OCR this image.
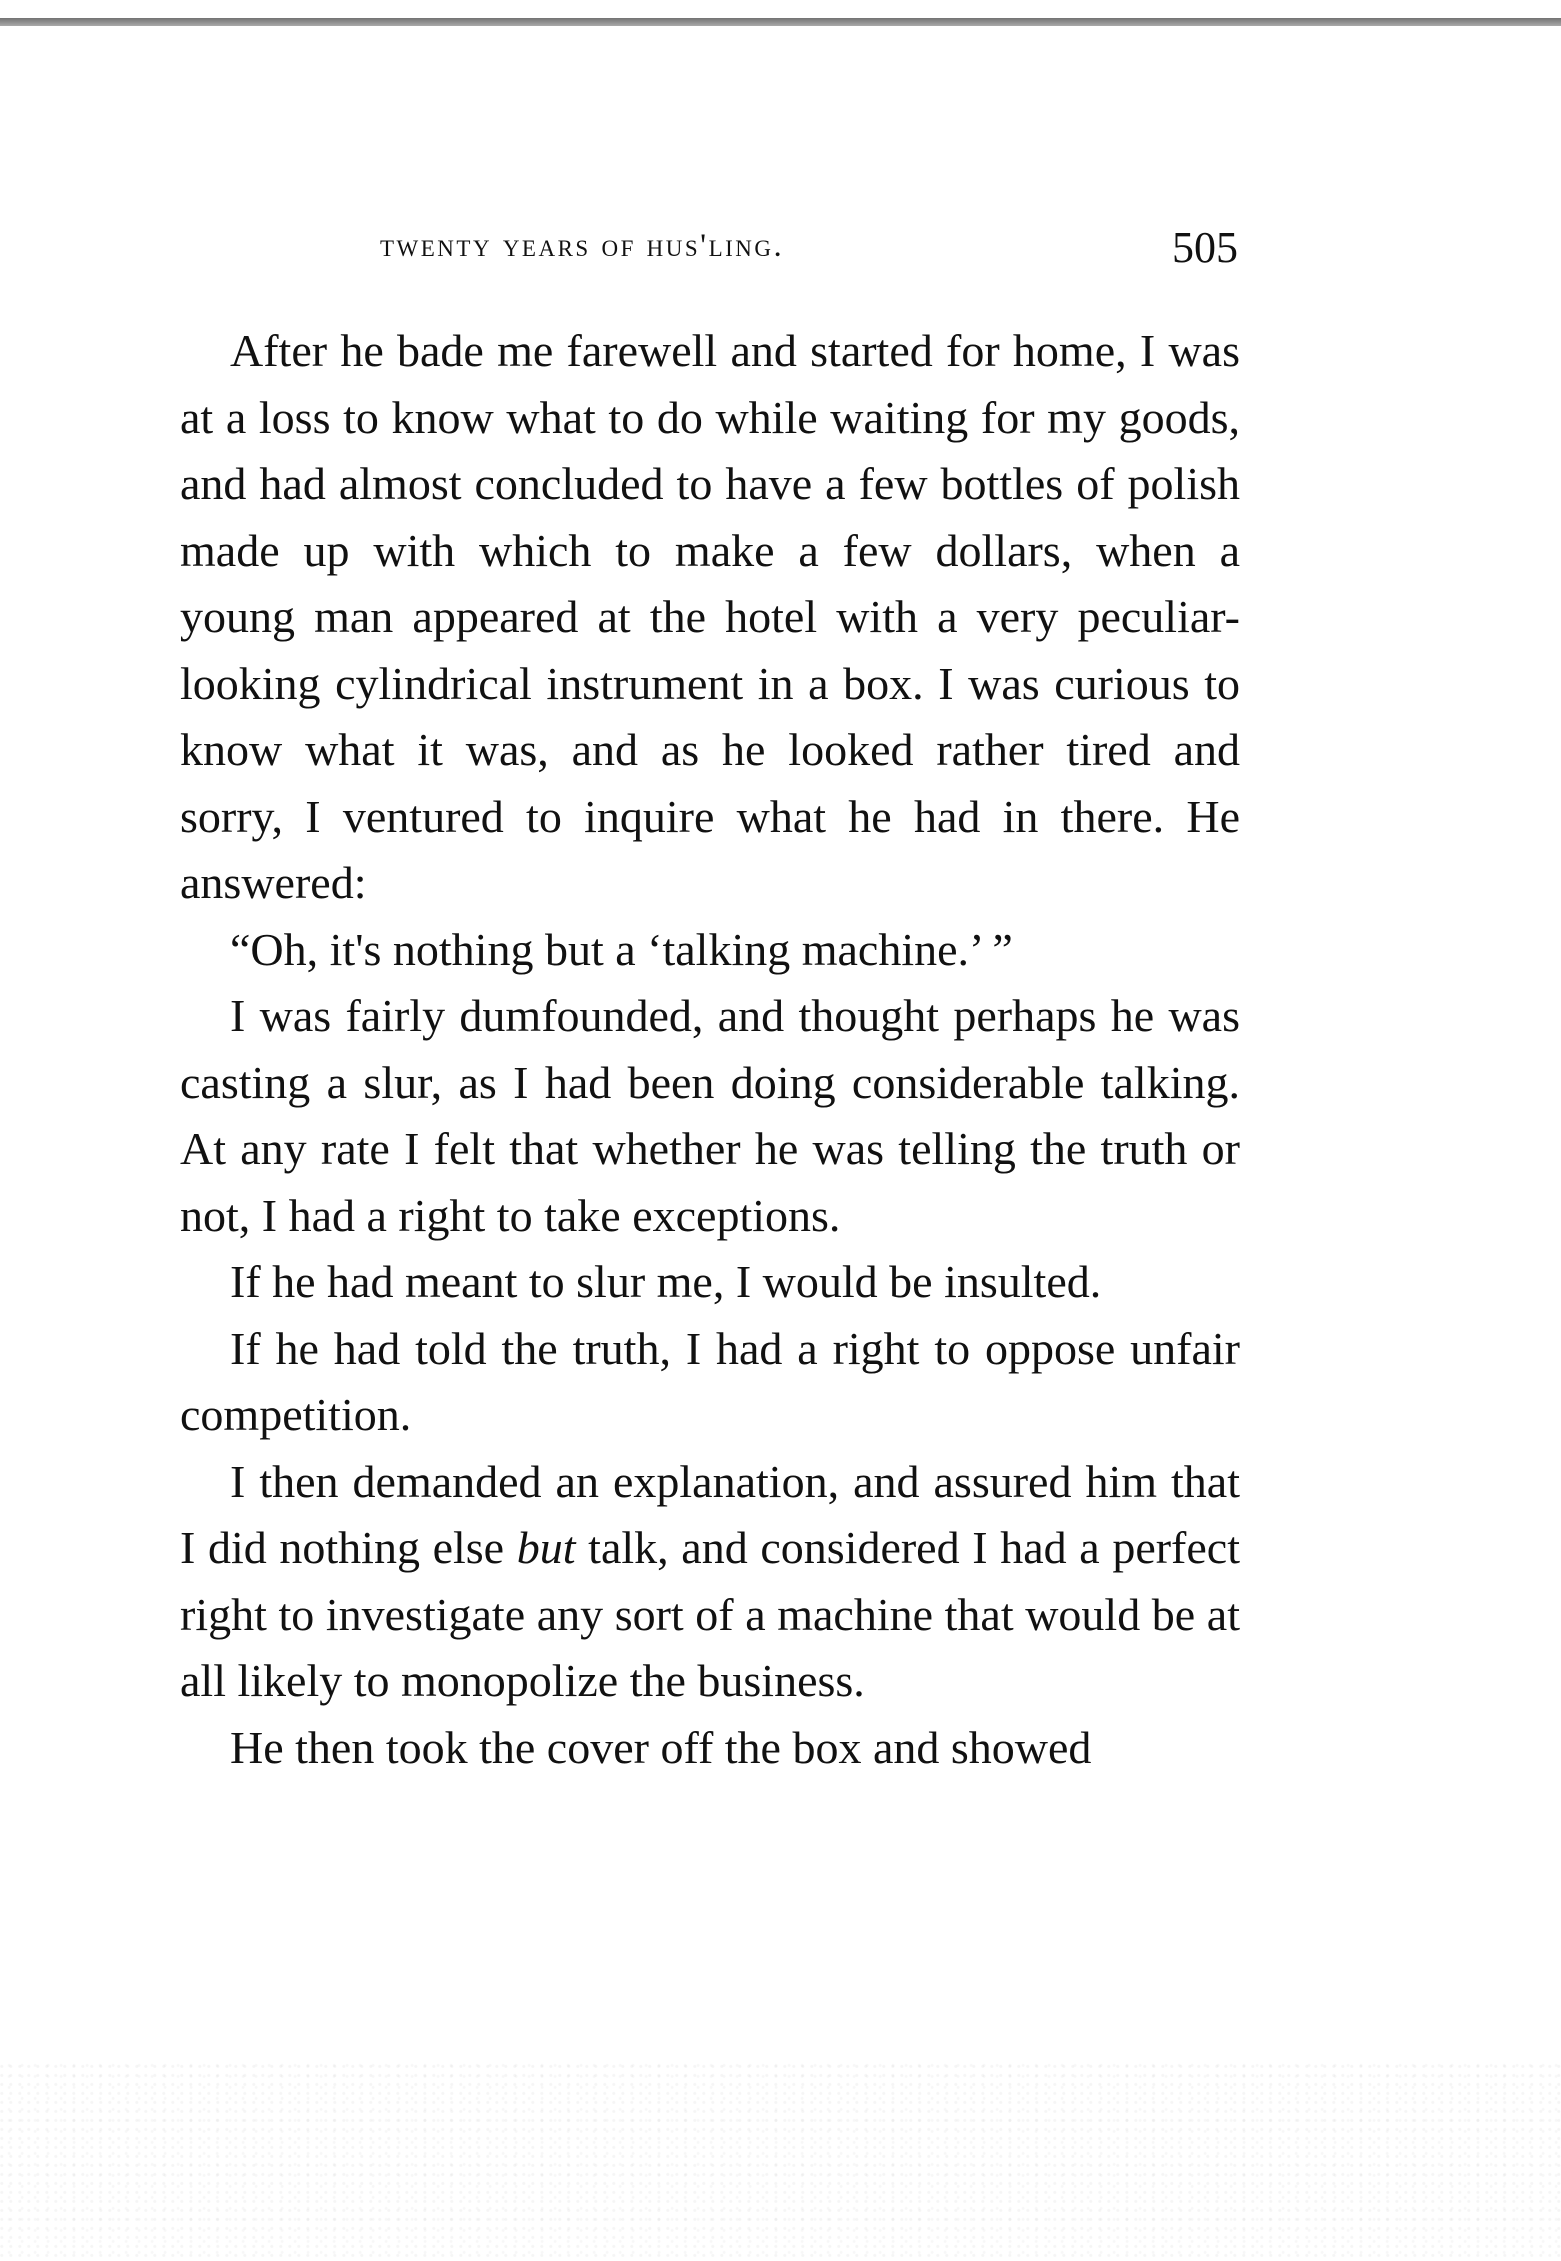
twenty years of hus'ling.	505

After he bade me farewell and started for home, I was at a loss to know what to do while waiting for my goods, and had almost concluded to have a few bottles of polish made up with which to make a few dollars, when a young man appeared at the hotel with a very peculiar-looking cylindrical instrument in a box. I was curious to know what it was, and as he looked rather tired and sorry, I ventured to inquire what he had in there. He answered:

“Oh, it's nothing but a ‘talking machine.’ ”

I was fairly dumfounded, and thought perhaps he was casting a slur, as I had been doing considerable talking. At any rate I felt that whether he was telling the truth or not, I had a right to take exceptions.

If he had meant to slur me, I would be insulted.

If he had told the truth, I had a right to oppose unfair competition.

I then demanded an explanation, and assured him that I did nothing else but talk, and considered I had a perfect right to investigate any sort of a machine that would be at all likely to monopolize the business.

He then took the cover off the box and showed
